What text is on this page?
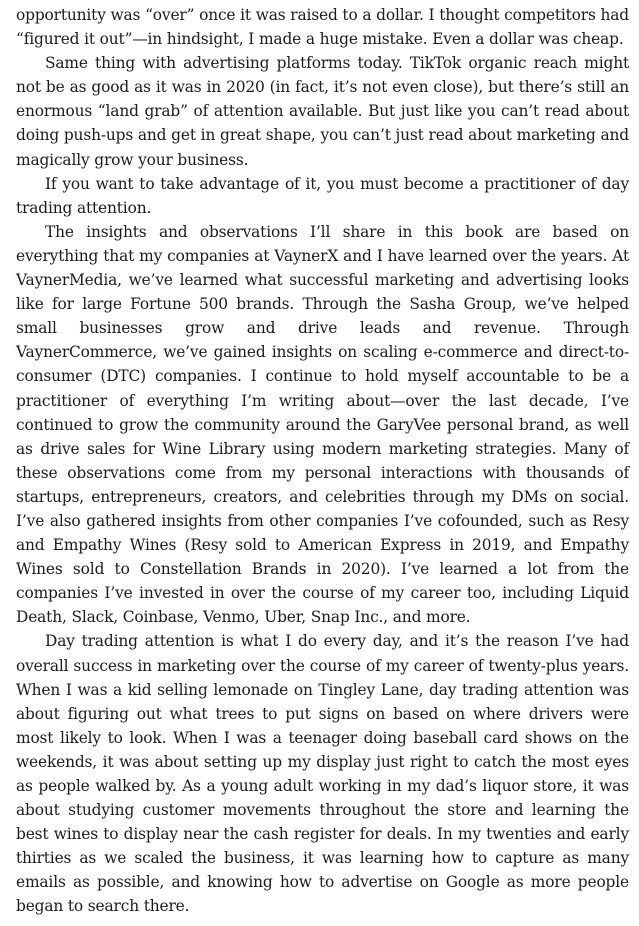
opportunity was “over” once it was raised to a dollar. I thought competitors had “figured it out”—in hindsight, I made a huge mistake. Even a dollar was cheap.

Same thing with advertising platforms today. TikTok organic reach might not be as good as it was in 2020 (in fact, it’s not even close), but there’s still an enormous “land grab” of attention available. But just like you can’t read about doing push-ups and get in great shape, you can’t just read about marketing and magically grow your business.

If you want to take advantage of it, you must become a practitioner of day trading attention.

The insights and observations I’ll share in this book are based on everything that my companies at VaynerX and I have learned over the years. At VaynerMedia, we’ve learned what successful marketing and advertising looks like for large Fortune 500 brands. Through the Sasha Group, we’ve helped small businesses grow and drive leads and revenue. Through VaynerCommerce, we’ve gained insights on scaling e-commerce and direct-to-consumer (DTC) companies. I continue to hold myself accountable to be a practitioner of everything I’m writing about—over the last decade, I’ve continued to grow the community around the GaryVee personal brand, as well as drive sales for Wine Library using modern marketing strategies. Many of these observations come from my personal interactions with thousands of startups, entrepreneurs, creators, and celebrities through my DMs on social. I’ve also gathered insights from other companies I’ve cofounded, such as Resy and Empathy Wines (Resy sold to American Express in 2019, and Empathy Wines sold to Constellation Brands in 2020). I’ve learned a lot from the companies I’ve invested in over the course of my career too, including Liquid Death, Slack, Coinbase, Venmo, Uber, Snap Inc., and more.

Day trading attention is what I do every day, and it’s the reason I’ve had overall success in marketing over the course of my career of twenty-plus years. When I was a kid selling lemonade on Tingley Lane, day trading attention was about figuring out what trees to put signs on based on where drivers were most likely to look. When I was a teenager doing baseball card shows on the weekends, it was about setting up my display just right to catch the most eyes as people walked by. As a young adult working in my dad’s liquor store, it was about studying customer movements throughout the store and learning the best wines to display near the cash register for deals. In my twenties and early thirties as we scaled the business, it was learning how to capture as many emails as possible, and knowing how to advertise on Google as more people began to search there.
